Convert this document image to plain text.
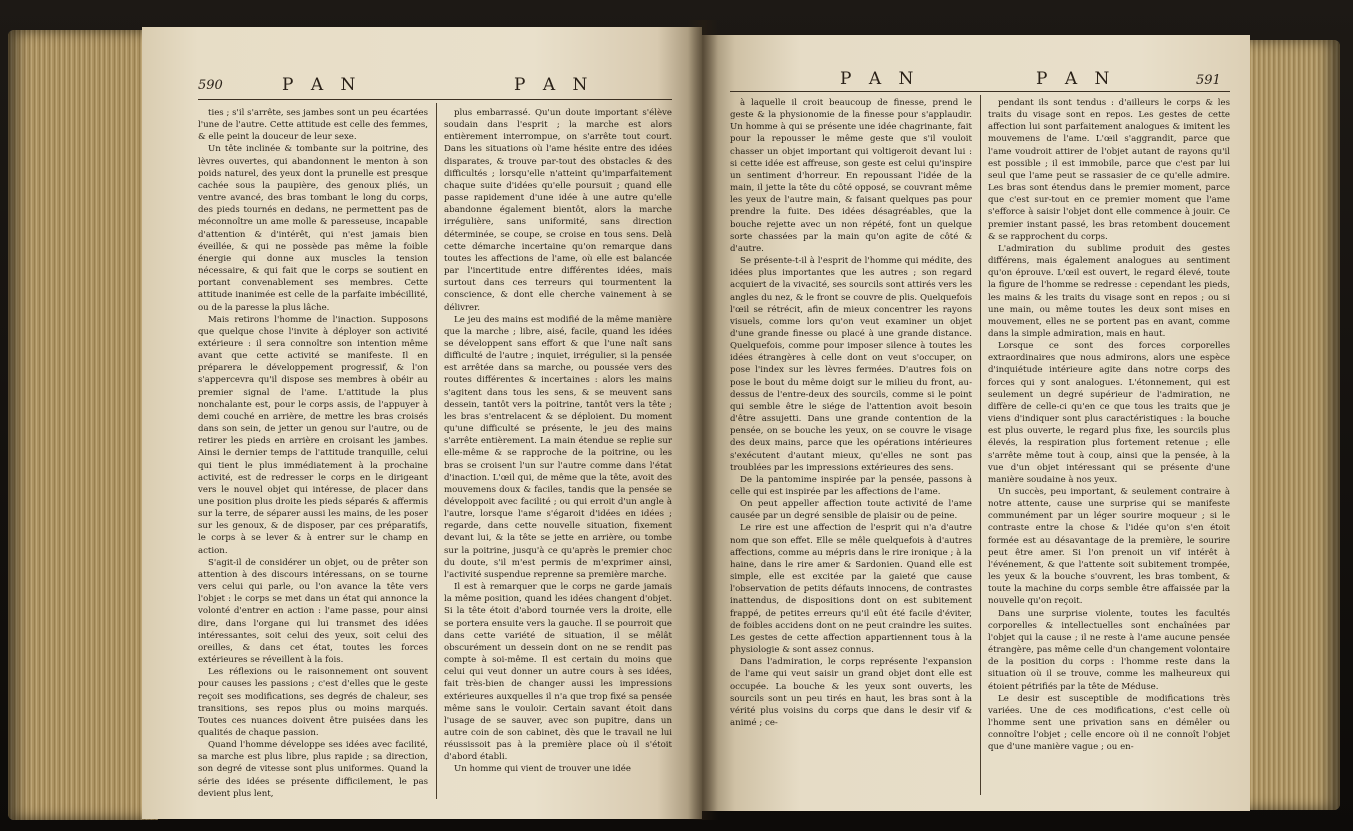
590	P A N	P A N

ties ; s'il s'arrête, ses jambes sont un peu écartées l'une de l'autre. Cette attitude est celle des femmes, & elle peint la douceur de leur sexe.

Un tête inclinée & tombante sur la poitrine, des lèvres ouvertes, qui abandonnent le menton à son poids naturel, des yeux dont la prunelle est presque cachée sous la paupière, des genoux pliés, un ventre avancé, des bras tombant le long du corps, des pieds tournés en dedans, ne permettent pas de méconnoître un ame molle & paresseuse, incapable d'attention & d'intérêt, qui n'est jamais bien éveillée, & qui ne possède pas même la foible énergie qui donne aux muscles la tension nécessaire, & qui fait que le corps se soutient en portant convenablement ses membres. Cette attitude inanimée est celle de la parfaite imbécillité, ou de la paresse la plus lâche.

Mais retirons l'homme de l'inaction. Supposons que quelque chose l'invite à déployer son activité extérieure : il sera connoître son intention même avant que cette activité se manifeste. Il en préparera le développement progressif, & l'on s'appercevra qu'il dispose ses membres à obéir au premier signal de l'ame. L'attitude la plus nonchalante est, pour le corps assis, de l'appuyer à demi couché en arrière, de mettre les bras croisés dans son sein, de jetter un genou sur l'autre, ou de retirer les pieds en arrière en croisant les jambes. Ainsi le dernier temps de l'attitude tranquille, celui qui tient le plus immédiatement à la prochaine activité, est de redresser le corps en le dirigeant vers le nouvel objet qui intéresse, de placer dans une position plus droite les pieds séparés & affermis sur la terre, de séparer aussi les mains, de les poser sur les genoux, & de disposer, par ces préparatifs, le corps à se lever & à entrer sur le champ en action.

S'agit-il de considérer un objet, ou de prêter son attention à des discours intéressans, on se tourne vers celui qui parle, ou l'on avance la tête vers l'objet : le corps se met dans un état qui annonce la volonté d'entrer en action : l'ame passe, pour ainsi dire, dans l'organe qui lui transmet des idées intéressantes, soit celui des yeux, soit celui des oreilles, & dans cet état, toutes les forces extérieures se réveillent à la fois.

Les réflexions ou le raisonnement ont souvent pour causes les passions ; c'est d'elles que le geste reçoit ses modifications, ses degrés de chaleur, ses transitions, ses repos plus ou moins marqués. Toutes ces nuances doivent être puisées dans les qualités de chaque passion.

Quand l'homme développe ses idées avec facilité, sa marche est plus libre, plus rapide ; sa direction, son degré de vitesse sont plus uniformes. Quand la série des idées se présente difficilement, le pas devient plus lent,

plus embarrassé. Qu'un doute important s'élève soudain dans l'esprit ; la marche est alors entièrement interrompue, on s'arrête tout court. Dans les situations où l'ame hésite entre des idées disparates, & trouve par-tout des obstacles & des difficultés ; lorsqu'elle n'atteint qu'imparfaitement chaque suite d'idées qu'elle poursuit ; quand elle passe rapidement d'une idée à une autre qu'elle abandonne également bientôt, alors la marche irrégulière, sans uniformité, sans direction déterminée, se coupe, se croise en tous sens. Delà cette démarche incertaine qu'on remarque dans toutes les affections de l'ame, où elle est balancée par l'incertitude entre différentes idées, mais surtout dans ces terreurs qui tourmentent la conscience, & dont elle cherche vainement à se délivrer.

Le jeu des mains est modifié de la même manière que la marche ; libre, aisé, facile, quand les idées se développent sans effort & que l'une naît sans difficulté de l'autre ; inquiet, irrégulier, si la pensée est arrêtée dans sa marche, ou poussée vers des routes différentes & incertaines : alors les mains s'agitent dans tous les sens, & se meuvent sans dessein, tantôt vers la poitrine, tantôt vers la tête ; les bras s'entrelacent & se déploient. Du moment qu'une difficulté se présente, le jeu des mains s'arrête entièrement. La main étendue se replie sur elle-même & se rapproche de la poitrine, ou les bras se croisent l'un sur l'autre comme dans l'état d'inaction. L'œil qui, de même que la tête, avoit des mouvemens doux & faciles, tandis que la pensée se développoit avec facilité ; ou qui erroit d'un angle à l'autre, lorsque l'ame s'égaroit d'idées en idées ; regarde, dans cette nouvelle situation, fixement devant lui, & la tête se jette en arrière, ou tombe sur la poitrine, jusqu'à ce qu'après le premier choc du doute, s'il m'est permis de m'exprimer ainsi, l'activité suspendue reprenne sa première marche.

Il est à remarquer que le corps ne garde jamais la même position, quand les idées changent d'objet. Si la tête étoit d'abord tournée vers la droite, elle se portera ensuite vers la gauche. Il se pourroit que dans cette variété de situation, il se mêlât obscurément un dessein dont on ne se rendit pas compte à soi-même. Il est certain du moins que celui qui veut donner un autre cours à ses idées, fait très-bien de changer aussi les impressions extérieures auxquelles il n'a que trop fixé sa pensée même sans le vouloir. Certain savant étoit dans l'usage de se sauver, avec son pupitre, dans un autre coin de son cabinet, dès que le travail ne lui réussissoit pas à la première place où il s'étoit d'abord établi.

Un homme qui vient de trouver une idée

P A N	P A N	591

à laquelle il croit beaucoup de finesse, prend le geste & la physionomie de la finesse pour s'applaudir. Un homme à qui se présente une idée chagrinante, fait pour la repousser le même geste que s'il vouloit chasser un objet important qui voltigeroit devant lui : si cette idée est affreuse, son geste est celui qu'inspire un sentiment d'horreur. En repoussant l'idée de la main, il jette la tête du côté opposé, se couvrant même les yeux de l'autre main, & faisant quelques pas pour prendre la fuite. Des idées désagréables, que la bouche rejette avec un non répété, font un quelque sorte chassées par la main qu'on agite de côté & d'autre.

Se présente-t-il à l'esprit de l'homme qui médite, des idées plus importantes que les autres ; son regard acquiert de la vivacité, ses sourcils sont attirés vers les angles du nez, & le front se couvre de plis. Quelquefois l'œil se rétrécit, afin de mieux concentrer les rayons visuels, comme lors qu'on veut examiner un objet d'une grande finesse ou placé à une grande distance. Quelquefois, comme pour imposer silence à toutes les idées étrangères à celle dont on veut s'occuper, on pose l'index sur les lèvres fermées. D'autres fois on pose le bout du même doigt sur le milieu du front, au-dessus de l'entre-deux des sourcils, comme si le point qui semble être le siége de l'attention avoit besoin d'être assujetti. Dans une grande contention de la pensée, on se bouche les yeux, on se couvre le visage des deux mains, parce que les opérations intérieures s'exécutent d'autant mieux, qu'elles ne sont pas troublées par les impressions extérieures des sens.

De la pantomime inspirée par la pensée, passons à celle qui est inspirée par les affections de l'ame.

On peut appeller affection toute activité de l'ame causée par un degré sensible de plaisir ou de peine.

Le rire est une affection de l'esprit qui n'a d'autre nom que son effet. Elle se mêle quelquefois à d'autres affections, comme au mépris dans le rire ironique ; à la haine, dans le rire amer & Sardonien. Quand elle est simple, elle est excitée par la gaieté que cause l'observation de petits défauts innocens, de contrastes inattendus, de dispositions dont on est subitement frappé, de petites erreurs qu'il eût été facile d'éviter, de foibles accidens dont on ne peut craindre les suites. Les gestes de cette affection appartiennent tous à la physiologie & sont assez connus.

Dans l'admiration, le corps représente l'expansion de l'ame qui veut saisir un grand objet dont elle est occupée. La bouche & les yeux sont ouverts, les sourcils sont un peu tirés en haut, les bras sont à la vérité plus voisins du corps que dans le desir vif & animé ; ce-

pendant ils sont tendus : d'ailleurs le corps & les traits du visage sont en repos. Les gestes de cette affection lui sont parfaitement analogues & imitent les mouvemens de l'ame. L'œil s'aggrandit, parce que l'ame voudroit attirer de l'objet autant de rayons qu'il est possible ; il est immobile, parce que c'est par lui seul que l'ame peut se rassasier de ce qu'elle admire. Les bras sont étendus dans le premier moment, parce que c'est sur-tout en ce premier moment que l'ame s'efforce à saisir l'objet dont elle commence à jouir. Ce premier instant passé, les bras retombent doucement & se rapprochent du corps.

L'admiration du sublime produit des gestes différens, mais également analogues au sentiment qu'on éprouve. L'œil est ouvert, le regard élevé, toute la figure de l'homme se redresse : cependant les pieds, les mains & les traits du visage sont en repos ; ou si une main, ou même toutes les deux sont mises en mouvement, elles ne se portent pas en avant, comme dans la simple admiration, mais en haut.

Lorsque ce sont des forces corporelles extraordinaires que nous admirons, alors une espèce d'inquiétude intérieure agite dans notre corps des forces qui y sont analogues. L'étonnement, qui est seulement un degré supérieur de l'admiration, ne diffère de celle-ci qu'en ce que tous les traits que je viens d'indiquer sont plus caractéristiques : la bouche est plus ouverte, le regard plus fixe, les sourcils plus élevés, la respiration plus fortement retenue ; elle s'arrête même tout à coup, ainsi que la pensée, à la vue d'un objet intéressant qui se présente d'une manière soudaine à nos yeux.

Un succès, peu important, & seulement contraire à notre attente, cause une surprise qui se manifeste communément par un léger sourire moqueur ; si le contraste entre la chose & l'idée qu'on s'en étoit formée est au désavantage de la première, le sourire peut être amer. Si l'on prenoit un vif intérêt à l'événement, & que l'attente soit subitement trompée, les yeux & la bouche s'ouvrent, les bras tombent, & toute la machine du corps semble être affaissée par la nouvelle qu'on reçoit.

Dans une surprise violente, toutes les facultés corporelles & intellectuelles sont enchaînées par l'objet qui la cause ; il ne reste à l'ame aucune pensée étrangère, pas même celle d'un changement volontaire de la position du corps : l'homme reste dans la situation où il se trouve, comme les malheureux qui étoient pétrifiés par la tête de Méduse.

Le desir est susceptible de modifications très variées. Une de ces modifications, c'est celle où l'homme sent une privation sans en démêler ou connoître l'objet ; celle encore où il ne connoît l'objet que d'une manière vague ; ou en-
